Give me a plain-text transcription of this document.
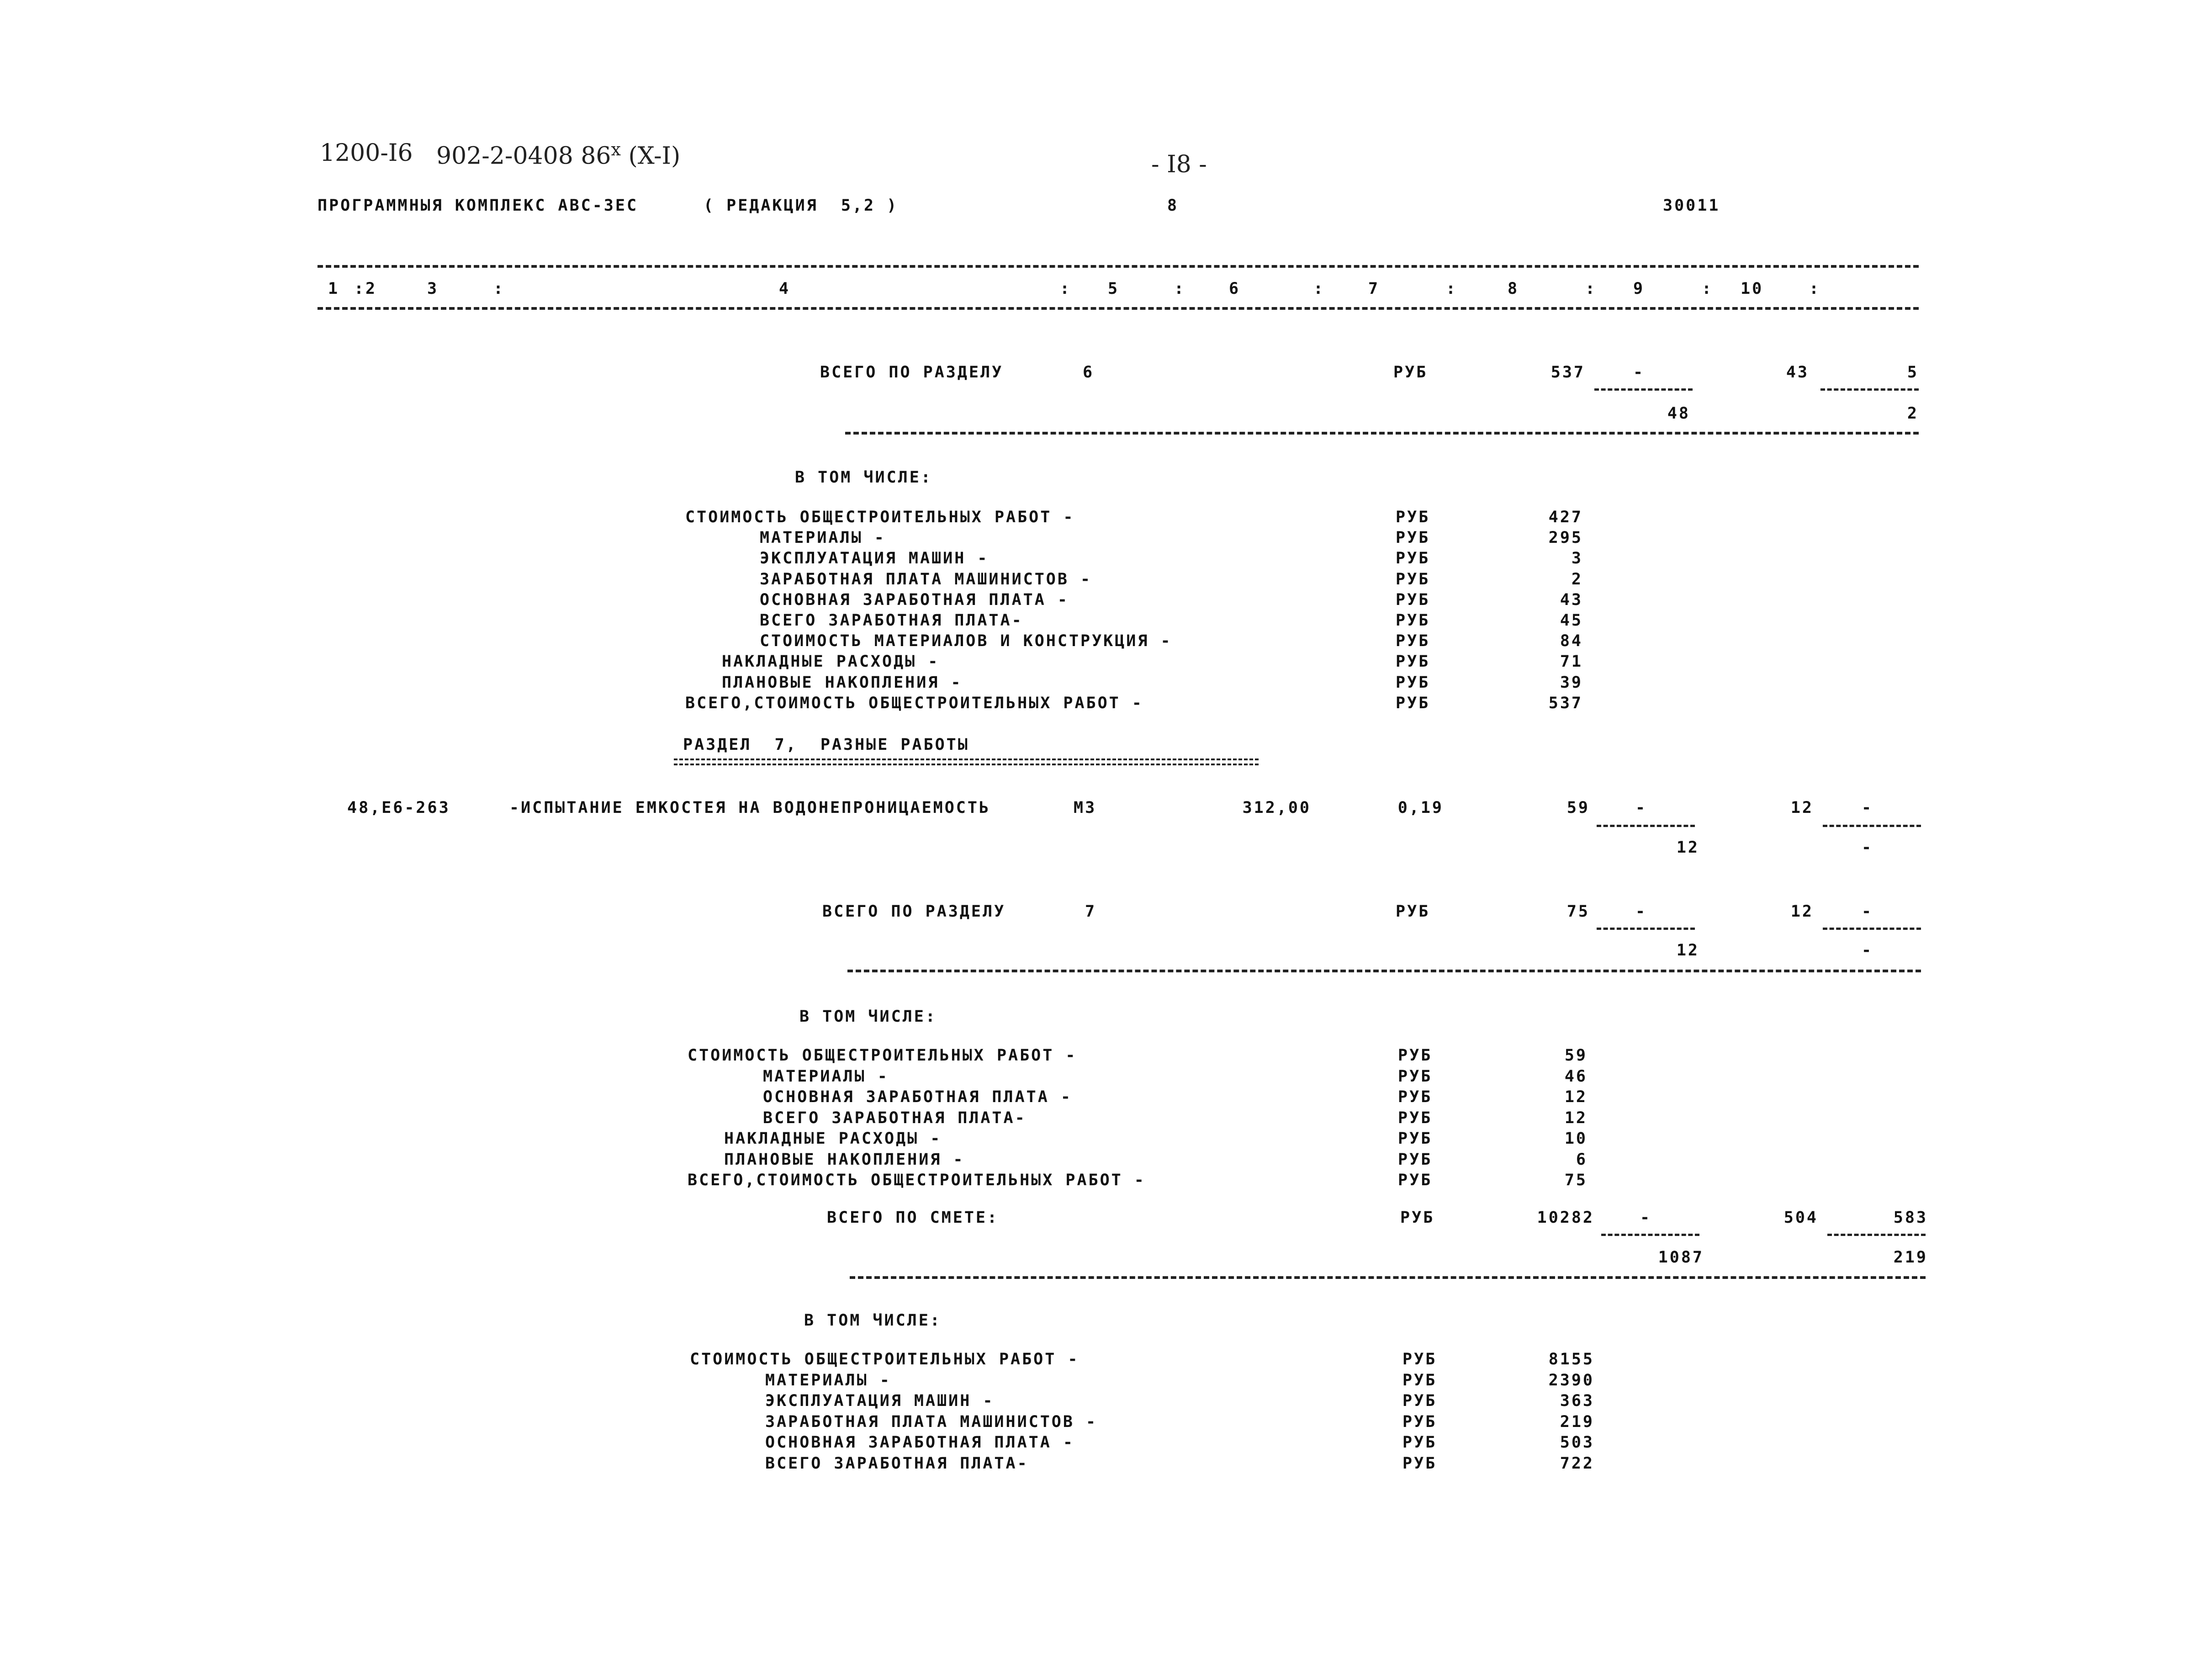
1200-I6 902-2-0408 86$^x$ (X-I)	- I8 -
ПРОГРАММНЫЯ КОМПЛЕКС АВС-ЗЕС	( РЕДАКЦИЯ  5,2 )	8	30011
1 2	3	4	5	6	7	8	9	10
:	:	:	:	:	:	:	:	:
ВСЕГО ПО РАЗДЕЛУ	6	РУБ	537	-	43	5
48	2
В ТОМ ЧИСЛЕ:
СТОИМОСТЬ ОБЩЕСТРОИТЕЛЬНЫХ РАБОТ -	РУБ	427
МАТЕРИАЛЫ -	РУБ	295
ЭКСПЛУАТАЦИЯ МАШИН -	РУБ	3
ЗАРАБОТНАЯ ПЛАТА МАШИНИСТОВ -	РУБ	2
ОСНОВНАЯ ЗАРАБОТНАЯ ПЛАТА -	РУБ	43
ВСЕГО ЗАРАБОТНАЯ ПЛАТА-	РУБ	45
СТОИМОСТЬ МАТЕРИАЛОВ И КОНСТРУКЦИЯ -	РУБ	84
НАКЛАДНЫЕ РАСХОДЫ -	РУБ	71
ПЛАНОВЫЕ НАКОПЛЕНИЯ -	РУБ	39
ВСЕГО,СТОИМОСТЬ ОБЩЕСТРОИТЕЛЬНЫХ РАБОТ -	РУБ	537
РАЗДЕЛ  7,  РАЗНЫЕ РАБОТЫ
48,Е6-263	-ИСПЫТАНИЕ ЕМКОСТЕЯ НА ВОДОНЕПРОНИЦАЕМОСТЬ	М3	312,00	0,19	59	-	12	-
12	-
ВСЕГО ПО РАЗДЕЛУ	7	РУБ	75	-	12	-
12	-
В ТОМ ЧИСЛЕ:
СТОИМОСТЬ ОБЩЕСТРОИТЕЛЬНЫХ РАБОТ -	РУБ	59
МАТЕРИАЛЫ -	РУБ	46
ОСНОВНАЯ ЗАРАБОТНАЯ ПЛАТА -	РУБ	12
ВСЕГО ЗАРАБОТНАЯ ПЛАТА-	РУБ	12
НАКЛАДНЫЕ РАСХОДЫ -	РУБ	10
ПЛАНОВЫЕ НАКОПЛЕНИЯ -	РУБ	6
ВСЕГО,СТОИМОСТЬ ОБЩЕСТРОИТЕЛЬНЫХ РАБОТ -	РУБ	75
ВСЕГО ПО СМЕТЕ:	РУБ	10282	-	504	583
1087	219
В ТОМ ЧИСЛЕ:
СТОИМОСТЬ ОБЩЕСТРОИТЕЛЬНЫХ РАБОТ -	РУБ	8155
МАТЕРИАЛЫ -	РУБ	2390
ЭКСПЛУАТАЦИЯ МАШИН -	РУБ	363
ЗАРАБОТНАЯ ПЛАТА МАШИНИСТОВ -	РУБ	219
ОСНОВНАЯ ЗАРАБОТНАЯ ПЛАТА -	РУБ	503
ВСЕГО ЗАРАБОТНАЯ ПЛАТА-	РУБ	722
